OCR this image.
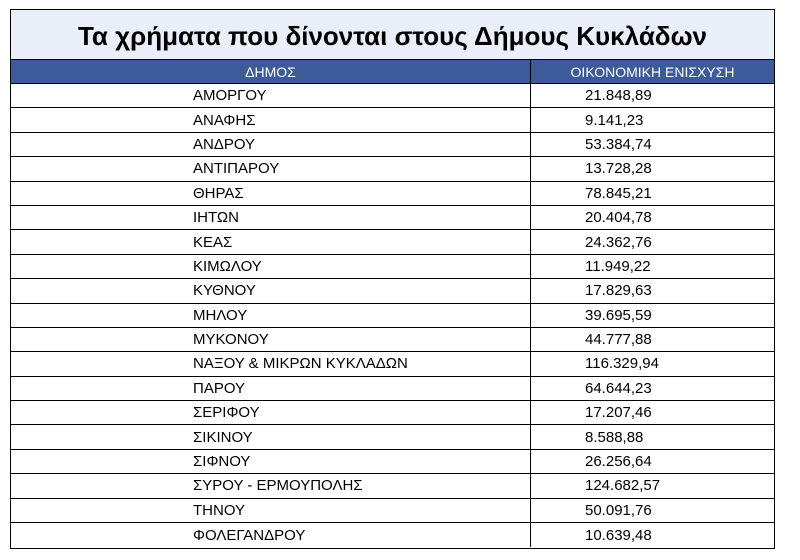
Τα χρήματα που δίνονται στους Δήμους Κυκλάδων
ΔΗΜΟΣ	ΟΙΚΟΝΟΜΙΚΗ ΕΝΙΣΧΥΣΗ
ΑΜΟΡΓΟΥ	21.848,89
ΑΝΑΦΗΣ	9.141,23
ΑΝΔΡΟΥ	53.384,74
ΑΝΤΙΠΑΡΟΥ	13.728,28
ΘΗΡΑΣ	78.845,21
ΙΗΤΩΝ	20.404,78
ΚΕΑΣ	24.362,76
ΚΙΜΩΛΟΥ	11.949,22
ΚΥΘΝΟΥ	17.829,63
ΜΗΛΟΥ	39.695,59
ΜΥΚΟΝΟΥ	44.777,88
ΝΑΞΟΥ & ΜΙΚΡΩΝ ΚΥΚΛΑΔΩΝ	116.329,94
ΠΑΡΟΥ	64.644,23
ΣΕΡΙΦΟΥ	17.207,46
ΣΙΚΙΝΟΥ	8.588,88
ΣΙΦΝΟΥ	26.256,64
ΣΥΡΟΥ - ΕΡΜΟΥΠΟΛΗΣ	124.682,57
ΤΗΝΟΥ	50.091,76
ΦΟΛΕΓΑΝΔΡΟΥ	10.639,48
